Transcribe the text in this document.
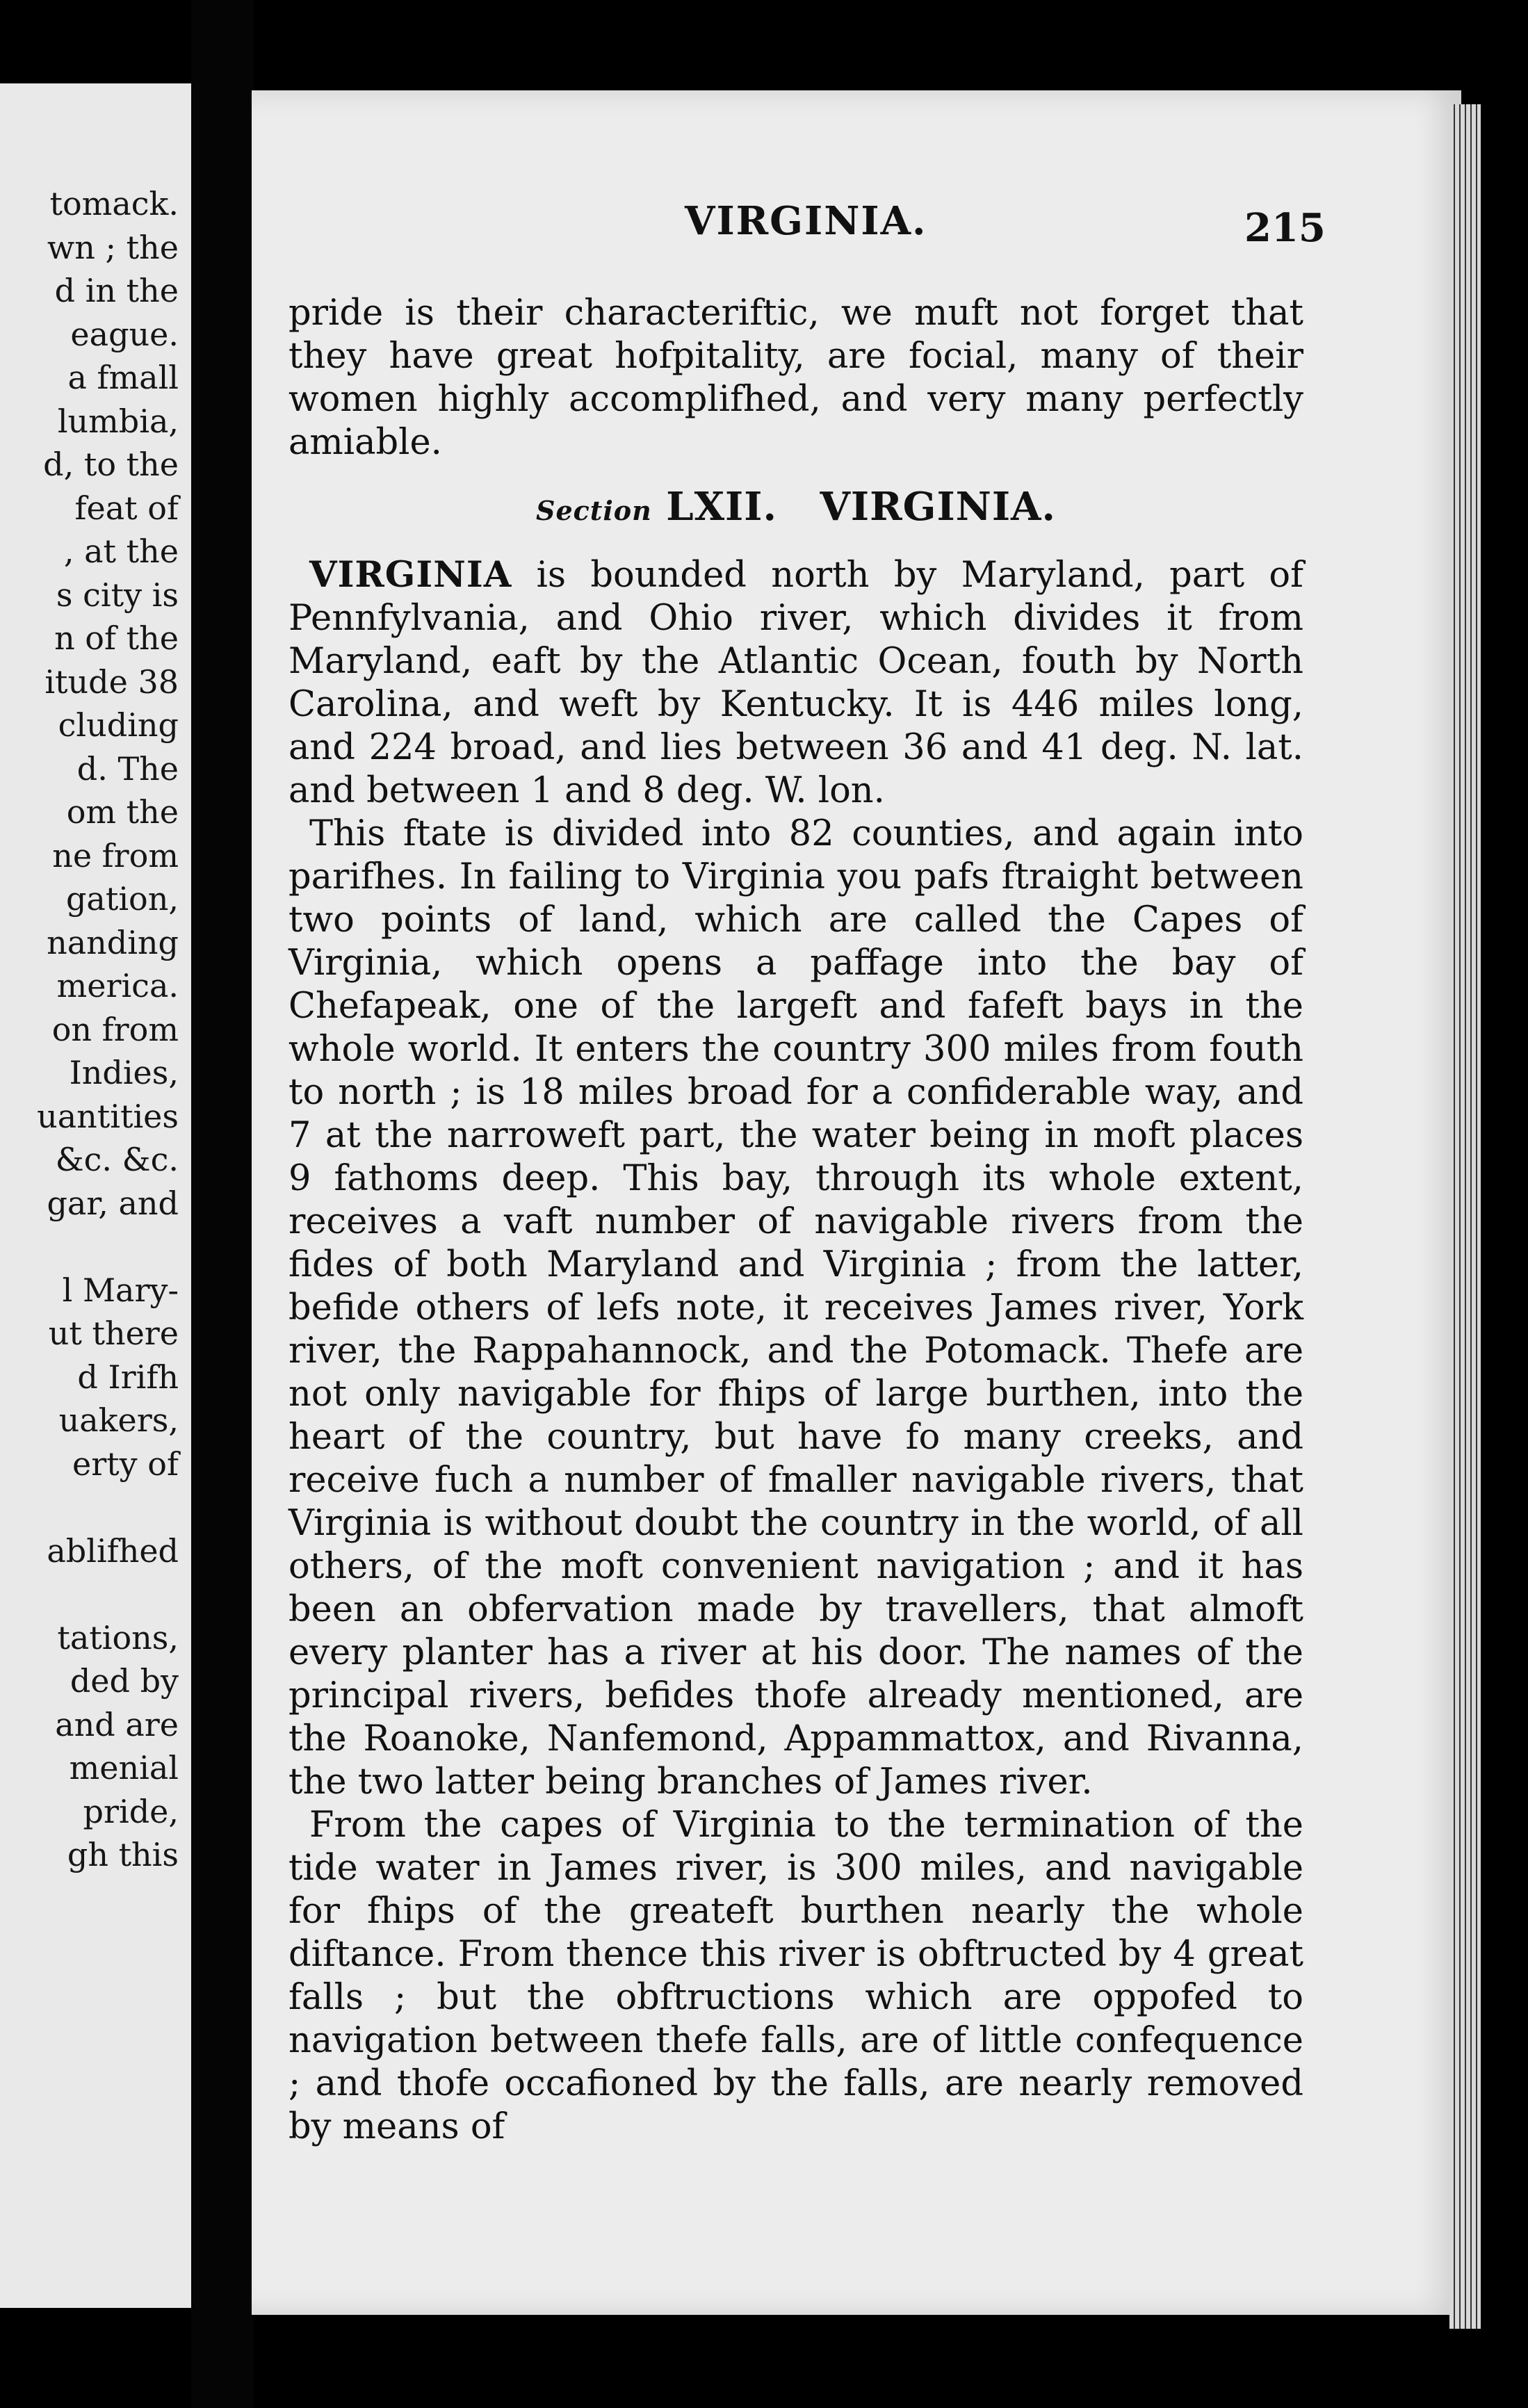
tomack.
wn ; the
d in the
eague.
a fmall
lumbia,
d, to the
feat of
, at the
s city is
n of the
itude 38
cluding
d. The
om the
ne from
gation,
nanding
merica.
on from
Indies,
uantities
&c. &c.
gar, and
l Mary-
ut there
d Irifh
uakers,
erty of
ablifhed
tations,
ded by
and are
menial
pride,
gh this
VIRGINIA.	215

pride is their characteriftic, we muft not forget that they have great hofpitality, are focial, many of their women highly accomplifhed, and very many perfectly amiable.

Section LXII. VIRGINIA.

VIRGINIA is bounded north by Maryland, part of Pennfylvania, and Ohio river, which divides it from Maryland, eaft by the Atlantic Ocean, fouth by North Carolina, and weft by Kentucky. It is 446 miles long, and 224 broad, and lies between 36 and 41 deg. N. lat. and between 1 and 8 deg. W. lon.

This ftate is divided into 82 counties, and again into parifhes. In failing to Virginia you pafs ftraight between two points of land, which are called the Capes of Virginia, which opens a paffage into the bay of Chefapeak, one of the largeft and fafeft bays in the whole world. It enters the country 300 miles from fouth to north ; is 18 miles broad for a confiderable way, and 7 at the narroweft part, the water being in moft places 9 fathoms deep. This bay, through its whole extent, receives a vaft number of navigable rivers from the fides of both Maryland and Virginia ; from the latter, befide others of lefs note, it receives James river, York river, the Rappahannock, and the Potomack. Thefe are not only navigable for fhips of large burthen, into the heart of the country, but have fo many creeks, and receive fuch a number of fmaller navigable rivers, that Virginia is without doubt the country in the world, of all others, of the moft convenient navigation ; and it has been an obfervation made by travellers, that almoft every planter has a river at his door. The names of the principal rivers, befides thofe already mentioned, are the Roanoke, Nanfemond, Appammattox, and Rivanna, the two latter being branches of James river.

From the capes of Virginia to the termination of the tide water in James river, is 300 miles, and navigable for fhips of the greateft burthen nearly the whole diftance. From thence this river is obftructed by 4 great falls ; but the obftructions which are oppofed to navigation between thefe falls, are of little confequence ; and thofe occafioned by the falls, are nearly removed by means of
